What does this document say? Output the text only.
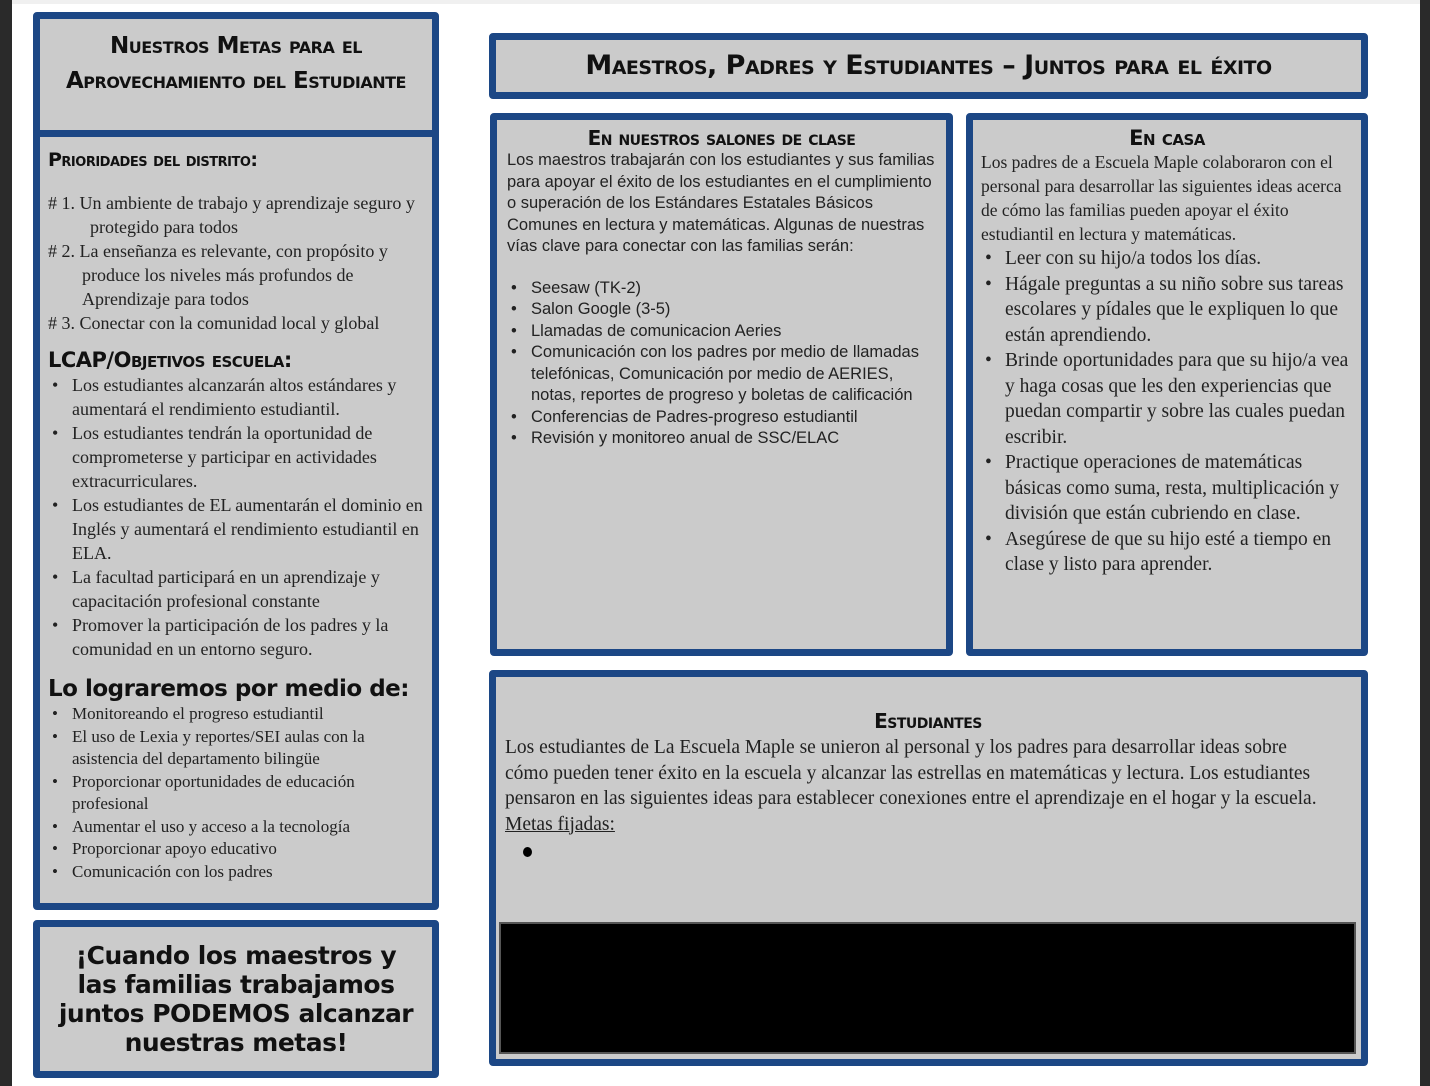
Nuestros Metas para el Aprovechamiento del Estudiante
Prioridades del distrito:
# 1. Un ambiente de trabajo y aprendizaje seguro y protegido para todos
# 2. La enseñanza es relevante, con propósito y produce los niveles más profundos de Aprendizaje para todos
# 3. Conectar con la comunidad local y global
LCAP/Objetivos escuela:
• Los estudiantes alcanzarán altos estándares y aumentará el rendimiento estudiantil.
• Los estudiantes tendrán la oportunidad de comprometerse y participar en actividades extracurriculares.
• Los estudiantes de EL aumentarán el dominio en Inglés y aumentará el rendimiento estudiantil en ELA.
• La facultad participará en un aprendizaje y capacitación profesional constante
• Promover la participación de los padres y la comunidad en un entorno seguro.
Lo lograremos por medio de:
• Monitoreando el progreso estudiantil
• El uso de Lexia y reportes/SEI aulas con la asistencia del departamento bilingüe
• Proporcionar oportunidades de educación profesional
• Aumentar el uso y acceso a la tecnología
• Proporcionar apoyo educativo
• Comunicación con los padres
¡Cuando los maestros y las familias trabajamos juntos PODEMOS alcanzar nuestras metas!
Maestros, Padres y Estudiantes – Juntos para el éxito
En nuestros salones de clase
Los maestros trabajarán con los estudiantes y sus familias para apoyar el éxito de los estudiantes en el cumplimiento o superación de los Estándares Estatales Básicos Comunes en lectura y matemáticas. Algunas de nuestras vías clave para conectar con las familias serán:
• Seesaw (TK-2)
• Salon Google (3-5)
• Llamadas de comunicacion Aeries
• Comunicación con los padres por medio de llamadas telefónicas, Comunicación por medio de AERIES, notas, reportes de progreso y boletas de calificación
• Conferencias de Padres-progreso estudiantil
• Revisión y monitoreo anual de SSC/ELAC
En casa
Los padres de a Escuela Maple colaboraron con el personal para desarrollar las siguientes ideas acerca de cómo las familias pueden apoyar el éxito estudiantil en lectura y matemáticas.
• Leer con su hijo/a todos los días.
• Hágale preguntas a su niño sobre sus tareas escolares y pídales que le expliquen lo que están aprendiendo.
• Brinde oportunidades para que su hijo/a vea y haga cosas que les den experiencias que puedan compartir y sobre las cuales puedan escribir.
• Practique operaciones de matemáticas básicas como suma, resta, multiplicación y división que están cubriendo en clase.
• Asegúrese de que su hijo esté a tiempo en clase y listo para aprender.
Estudiantes
Los estudiantes de La Escuela Maple se unieron al personal y los padres para desarrollar ideas sobre cómo pueden tener éxito en la escuela y alcanzar las estrellas en matemáticas y lectura. Los estudiantes pensaron en las siguientes ideas para establecer conexiones entre el aprendizaje en el hogar y la escuela.
Metas fijadas:
